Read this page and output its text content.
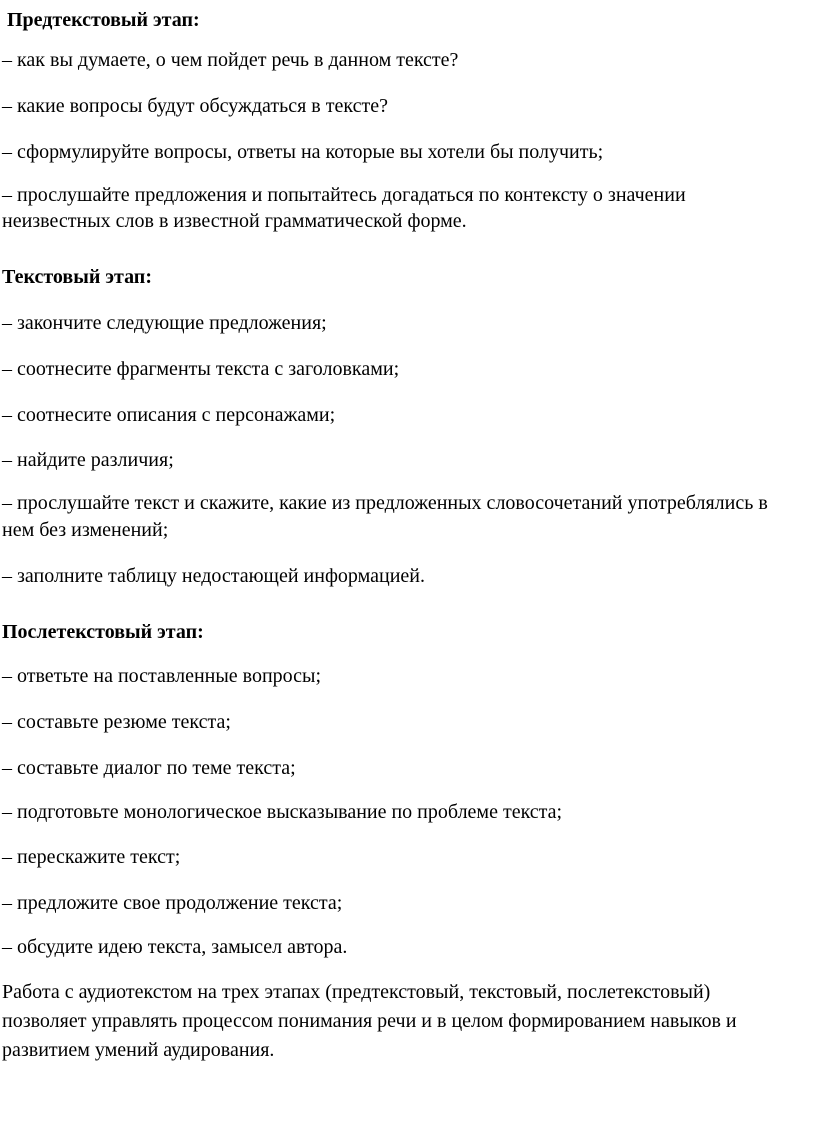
Предтекстовый этап:
– как вы думаете, о чем пойдет речь в данном тексте?
– какие вопросы будут обсуждаться в тексте?
– сформулируйте вопросы, ответы на которые вы хотели бы получить;
– прослушайте предложения и попытайтесь догадаться по контексту о значении
неизвестных слов в известной грамматической форме.
Текстовый этап:
– закончите следующие предложения;
– соотнесите фрагменты текста с заголовками;
– соотнесите описания с персонажами;
– найдите различия;
– прослушайте текст и скажите, какие из предложенных словосочетаний употреблялись в
нем без изменений;
– заполните таблицу недостающей информацией.
Послетекстовый этап:
– ответьте на поставленные вопросы;
– составьте резюме текста;
– составьте диалог по теме текста;
– подготовьте монологическое высказывание по проблеме текста;
– перескажите текст;
– предложите свое продолжение текста;
– обсудите идею текста, замысел автора.
Работа с аудиотекстом на трех этапах (предтекстовый, текстовый, послетекстовый)
позволяет управлять процессом понимания речи и в целом формированием навыков и
развитием умений аудирования.
